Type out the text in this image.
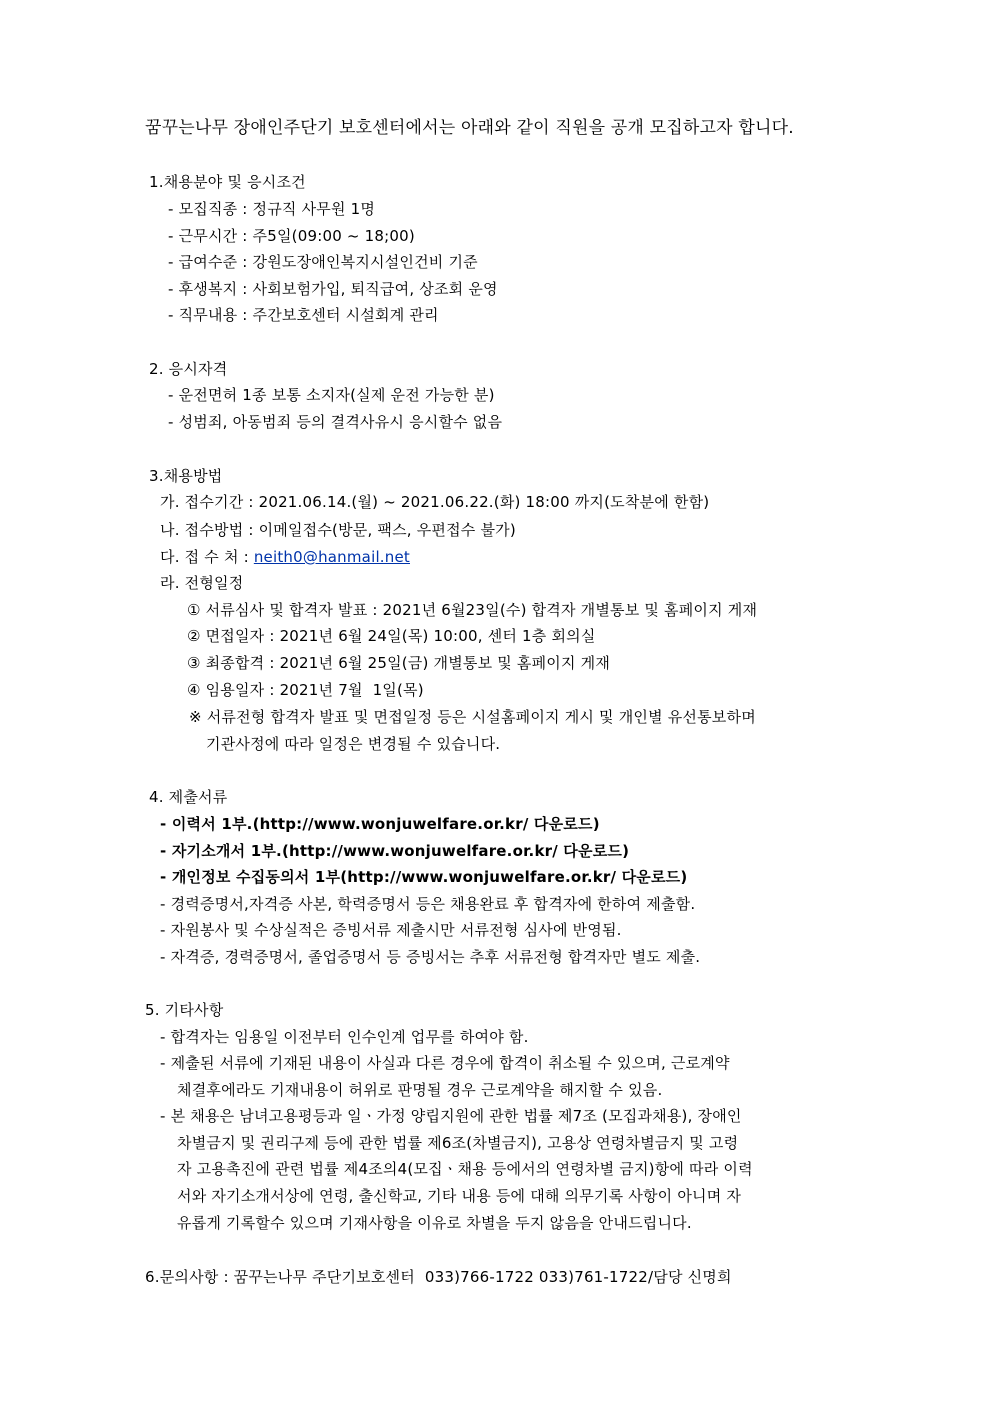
꿈꾸는나무 장애인주단기 보호센터에서는 아래와 같이 직원을 공개 모집하고자 합니다.
1.채용분야 및 응시조건
- 모집직종 : 정규직 사무원 1명
- 근무시간 : 주5일(09:00 ~ 18;00)
- 급여수준 : 강원도장애인복지시설인건비 기준
- 후생복지 : 사회보험가입, 퇴직급여, 상조회 운영
- 직무내용 : 주간보호센터 시설회계 관리
2. 응시자격
- 운전면허 1종 보통 소지자(실제 운전 가능한 분)
- 성범죄, 아동범죄 등의 결격사유시 응시할수 없음
3.채용방법
가. 접수기간 : 2021.06.14.(월) ~ 2021.06.22.(화) 18:00 까지(도착분에 한함)
나. 접수방법 : 이메일접수(방문, 팩스, 우편접수 불가)
다. 접 수 처 : neith0@hanmail.net
라. 전형일정
① 서류심사 및 합격자 발표 : 2021년 6월23일(수) 합격자 개별통보 및 홈페이지 게재
② 면접일자 : 2021년 6월 24일(목) 10:00, 센터 1층 회의실
③ 최종합격 : 2021년 6월 25일(금) 개별통보 및 홈페이지 게재
④ 임용일자 : 2021년 7월  1일(목)
※ 서류전형 합격자 발표 및 면접일정 등은 시설홈페이지 게시 및 개인별 유선통보하며
기관사정에 따라 일정은 변경될 수 있습니다.
4. 제출서류
- 이력서 1부.(http://www.wonjuwelfare.or.kr/ 다운로드)
- 자기소개서 1부.(http://www.wonjuwelfare.or.kr/ 다운로드)
- 개인정보 수집동의서 1부(http://www.wonjuwelfare.or.kr/ 다운로드)
- 경력증명서,자격증 사본, 학력증명서 등은 채용완료 후 합격자에 한하여 제출함.
- 자원봉사 및 수상실적은 증빙서류 제출시만 서류전형 심사에 반영됨.
- 자격증, 경력증명서, 졸업증명서 등 증빙서는 추후 서류전형 합격자만 별도 제출.
5. 기타사항
- 합격자는 임용일 이전부터 인수인계 업무를 하여야 함.
- 제출된 서류에 기재된 내용이 사실과 다른 경우에 합격이 취소될 수 있으며, 근로계약
체결후에라도 기재내용이 허위로 판명될 경우 근로계약을 해지할 수 있음.
- 본 채용은 남녀고용평등과 일ㆍ가정 양립지원에 관한 법률 제7조 (모집과채용), 장애인
차별금지 및 권리구제 등에 관한 법률 제6조(차별금지), 고용상 연령차별금지 및 고령
자 고용촉진에 관련 법률 제4조의4(모집ㆍ채용 등에서의 연령차별 금지)항에 따라 이력
서와 자기소개서상에 연령, 출신학교, 기타 내용 등에 대해 의무기록 사항이 아니며 자
유롭게 기록할수 있으며 기재사항을 이유로 차별을 두지 않음을 안내드립니다.
6.문의사항 : 꿈꾸는나무 주단기보호센터  033)766-1722 033)761-1722/담당 신명희
